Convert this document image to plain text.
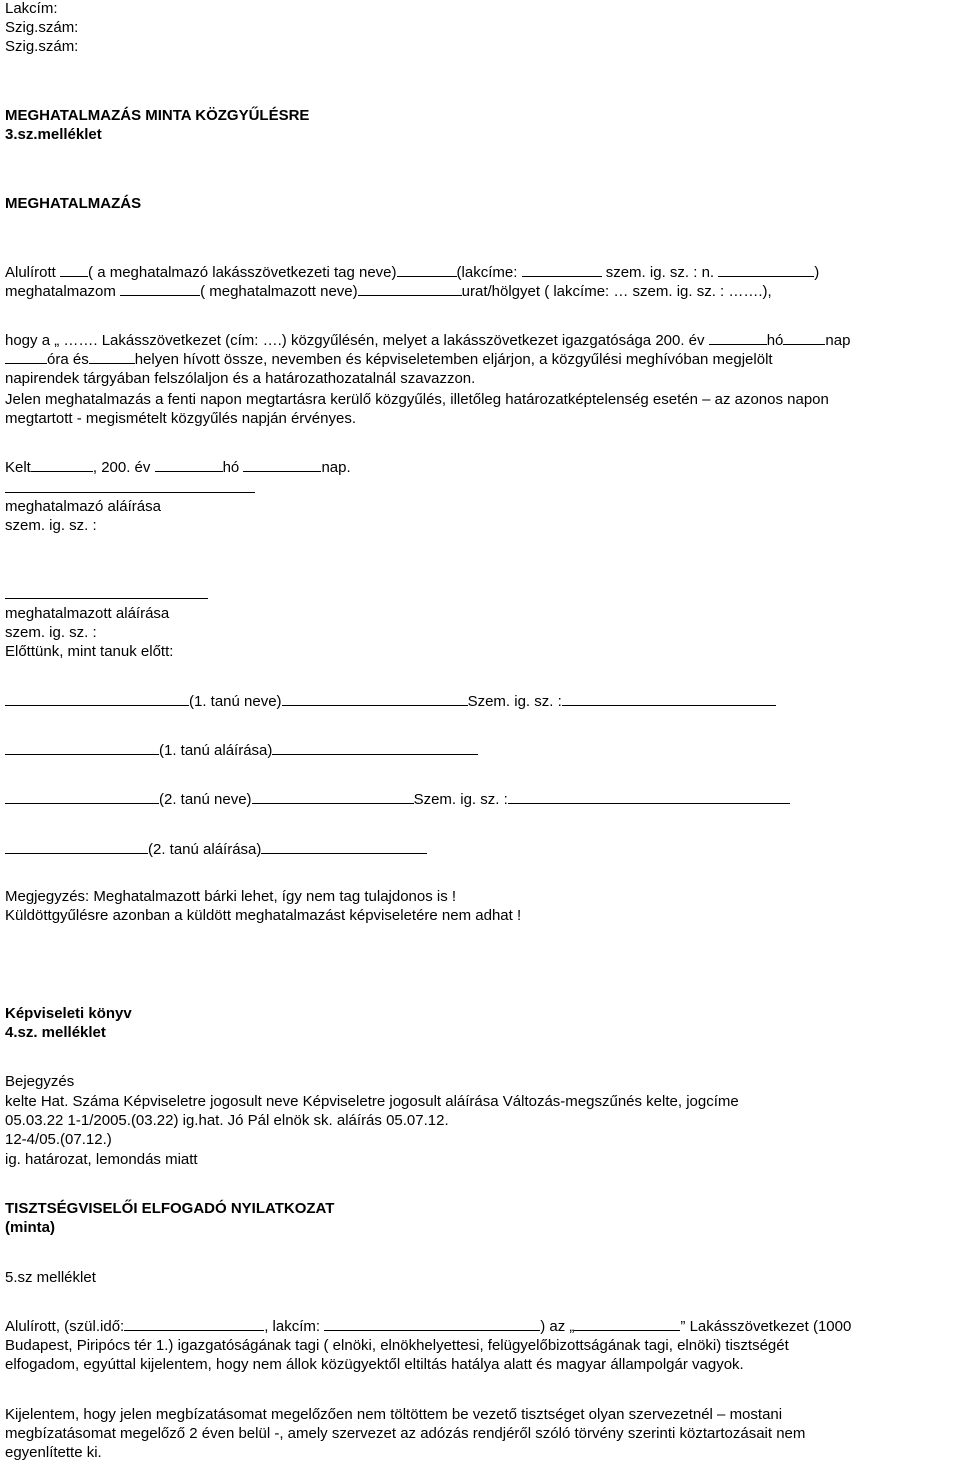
Lakcím:
Szig.szám:
Szig.szám:
MEGHATALMAZÁS MINTA KÖZGYŰLÉSRE
3.sz.melléklet
MEGHATALMAZÁS
Alulírott ( a meghatalmazó lakásszövetkezeti tag neve)	(lakcíme:	szem. ig. sz. : n.	)
meghatalmazom	( meghatalmazott neve)	urat/hölgyet ( lakcíme: … szem. ig. sz. : …….),
hogy a „ ……. Lakásszövetkezet (cím: ….) közgyűlésén, melyet a lakásszövetkezet igazgatósága 200. év	hó	nap
óra és	helyen hívott össze, nevemben és képviseletemben eljárjon, a közgyűlési meghívóban megjelölt
napirendek tárgyában felszólaljon és a határozathozatalnál szavazzon.
Jelen meghatalmazás a fenti napon megtartásra kerülő közgyűlés, illetőleg határozatképtelenség esetén – az azonos napon
megtartott - megismételt közgyűlés napján érvényes.
Kelt	, 200. év	hó	nap.
meghatalmazó aláírása
szem. ig. sz. :
meghatalmazott aláírása
szem. ig. sz. :
Előttünk, mint tanuk előtt:
(1. tanú neve)	Szem. ig. sz. :
(1. tanú aláírása)
(2. tanú neve)	Szem. ig. sz. :
(2. tanú aláírása)
Megjegyzés: Meghatalmazott bárki lehet, így nem tag tulajdonos is !
Küldöttgyűlésre azonban a küldött meghatalmazást képviseletére nem adhat !
Képviseleti könyv
4.sz. melléklet
Bejegyzés
kelte Hat. Száma Képviseletre jogosult neve Képviseletre jogosult aláírása Változás-megszűnés kelte, jogcíme
05.03.22 1-1/2005.(03.22) ig.hat. Jó Pál elnök sk. aláírás 05.07.12.
12-4/05.(07.12.)
ig. határozat, lemondás miatt
TISZTSÉGVISELŐI ELFOGADÓ NYILATKOZAT
(minta)
5.sz melléklet
Alulírott, (szül.idő:	, lakcím:	) az „	” Lakásszövetkezet (1000
Budapest, Piripócs tér 1.) igazgatóságának tagi ( elnöki, elnökhelyettesi, felügyelőbizottságának tagi, elnöki) tisztségét
elfogadom, egyúttal kijelentem, hogy nem állok közügyektől eltiltás hatálya alatt és magyar állampolgár vagyok.
Kijelentem, hogy jelen megbízatásomat megelőzően nem töltöttem be vezető tisztséget olyan szervezetnél – mostani
megbízatásomat megelőző 2 éven belül -, amely szervezet az adózás rendjéről szóló törvény szerinti köztartozásait nem
egyenlítette ki.
